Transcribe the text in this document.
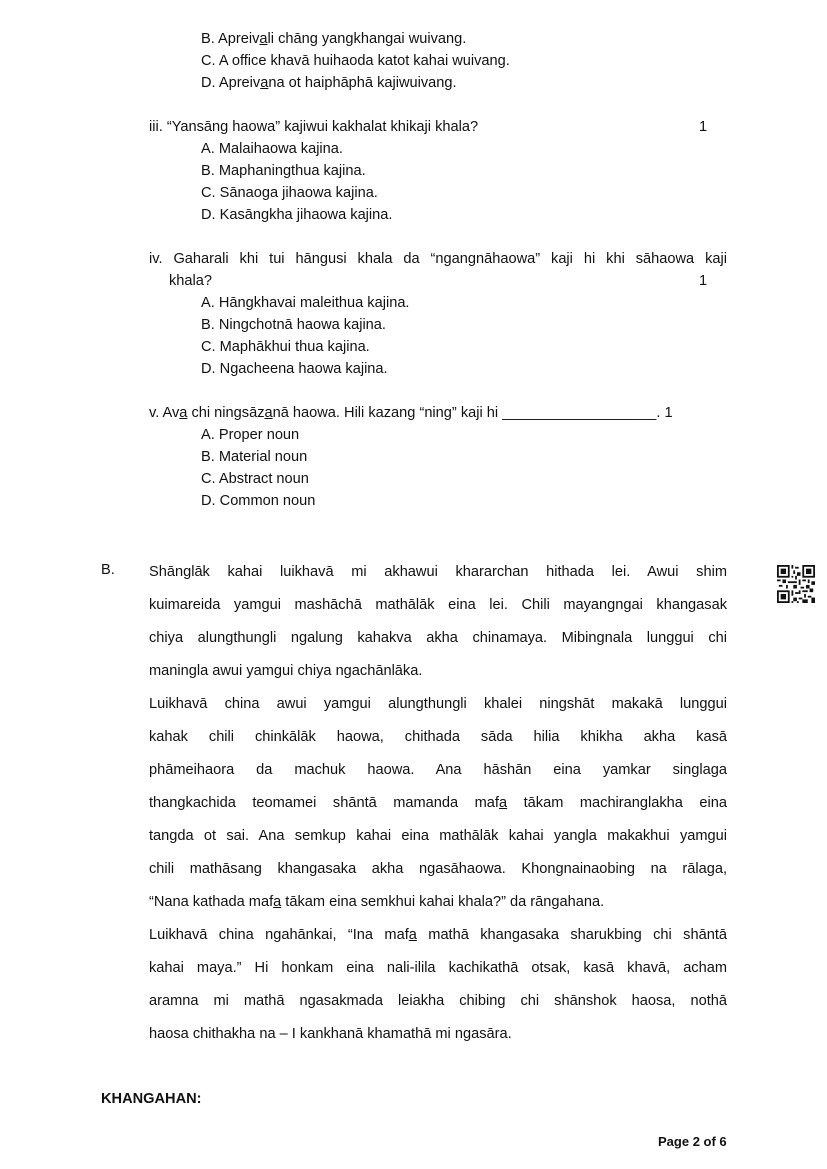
B. Apreivali chāng yangkhangai wuivang.
C. A office khavā huihaoda katot kahai wuivang.
D. Apreivana ot haiphāphā kajiwuivang.
iii. “Yansāng haowa” kajiwui kakhalat khikaji khala?	1
A. Malaihaowa kajina.
B. Maphaningthua kajina.
C. Sānaoga jihaowa kajina.
D. Kasāngkha jihaowa kajina.
iv. Gaharali khi tui hāngusi khala da “ngangnāhaowa” kaji hi khi sāhaowa kaji
khala?	1
A. Hāngkhavai maleithua kajina.
B. Ningchotnā haowa kajina.
C. Maphākhui thua kajina.
D. Ngacheena haowa kajina.
v. Ava chi ningsāzanā haowa. Hili kazang “ning” kaji hi ___________________. 1
A. Proper noun
B. Material noun
C. Abstract noun
D. Common noun
B. Shānglāk kahai luikhavā mi akhawui khararchan hithada lei. Awui shim
kuimareida yamgui mashāchā mathālāk eina lei. Chili mayangngai khangasak
chiya alungthungli ngalung kahakva akha chinamaya. Mibingnala lunggui chi
maningla awui yamgui chiya ngachānlāka.
Luikhavā china awui yamgui alungthungli khalei ningshāt makakā lunggui
kahak chili chinkālāk haowa, chithada sāda hilia khikha akha kasā
phāmeihaora da machuk haowa. Ana hāshān eina yamkar singlaga
thangkachida teomamei shāntā mamanda mafa tākam machiranglakha eina
tangda ot sai. Ana semkup kahai eina mathālāk kahai yangla makakhui yamgui
chili mathāsang khangasaka akha ngasāhaowa. Khongnainaobing na rālaga,
“Nana kathada mafa tākam eina semkhui kahai khala?” da rāngahana.
Luikhavā china ngahānkai, “Ina mafa mathā khangasaka sharukbing chi shāntā
kahai maya.” Hi honkam eina nali-ilila kachikathā otsak, kasā khavā, acham
aramna mi mathā ngasakmada leiakha chibing chi shānshok haosa, nothā
haosa chithakha na – I kankhanā khamathā mi ngasāra.
KHANGAHAN:
Page 2 of 6
